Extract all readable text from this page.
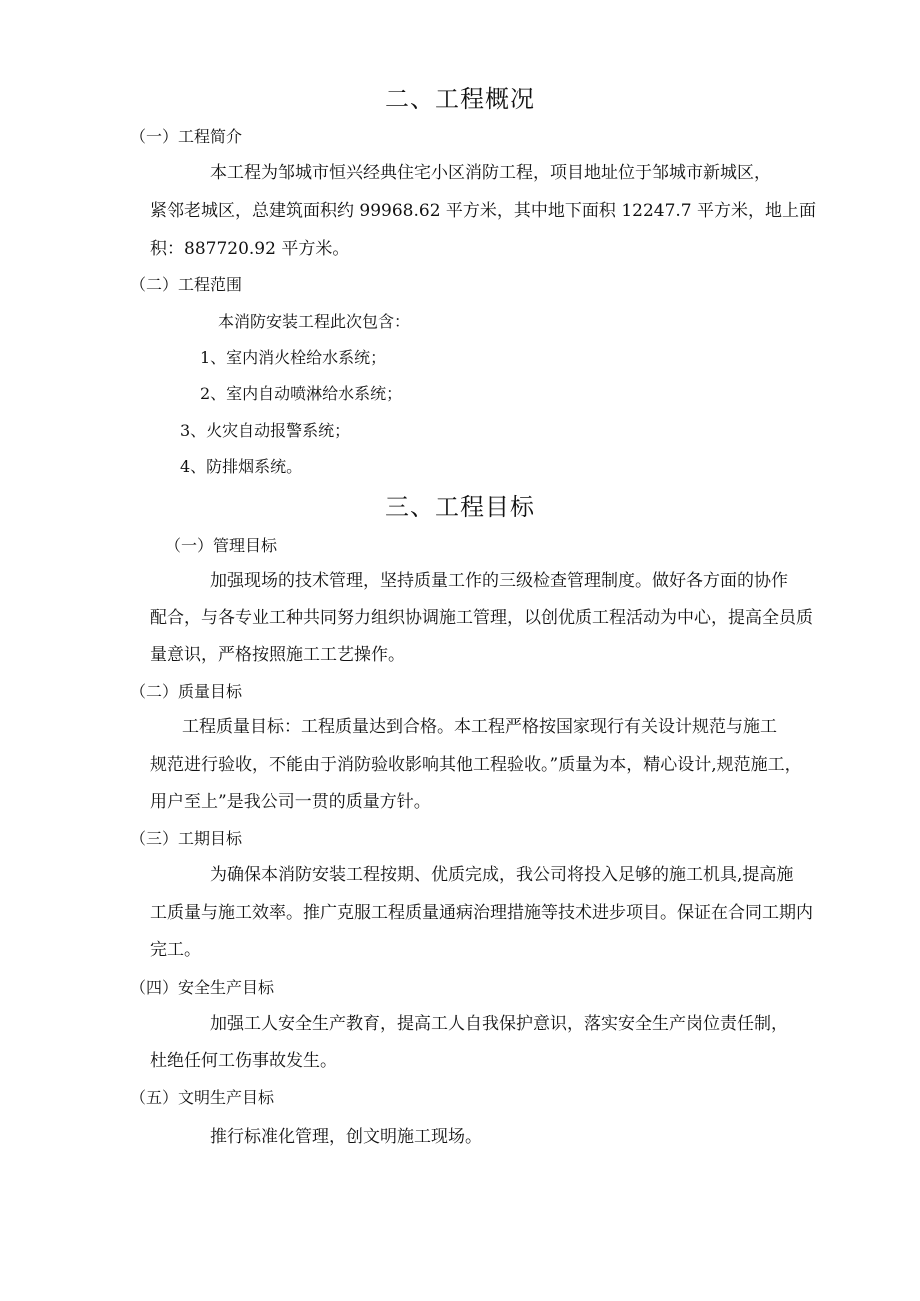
二、工程概况
（一）工程简介
本工程为邹城市恒兴经典住宅小区消防工程，项目地址位于邹城市新城区，
紧邻老城区，总建筑面积约 99968.62 平方米，其中地下面积 12247.7 平方米，地上面
积：887720.92 平方米。
（二）工程范围
本消防安装工程此次包含：
1、室内消火栓给水系统；
2、室内自动喷淋给水系统；
3、火灾自动报警系统；
4、防排烟系统。
三、工程目标
（一）管理目标
加强现场的技术管理，坚持质量工作的三级检查管理制度。做好各方面的协作
配合，与各专业工种共同努力组织协调施工管理，以创优质工程活动为中心，提高全员质
量意识，严格按照施工工艺操作。
（二）质量目标
工程质量目标：工程质量达到合格。本工程严格按国家现行有关设计规范与施工
规范进行验收，不能由于消防验收影响其他工程验收。”质量为本，精心设计,规范施工，
用户至上”是我公司一贯的质量方针。
（三）工期目标
为确保本消防安装工程按期、优质完成，我公司将投入足够的施工机具,提高施
工质量与施工效率。推广克服工程质量通病治理措施等技术进步项目。保证在合同工期内
完工。
（四）安全生产目标
加强工人安全生产教育，提高工人自我保护意识，落实安全生产岗位责任制，
杜绝任何工伤事故发生。
（五）文明生产目标
推行标准化管理，创文明施工现场。
